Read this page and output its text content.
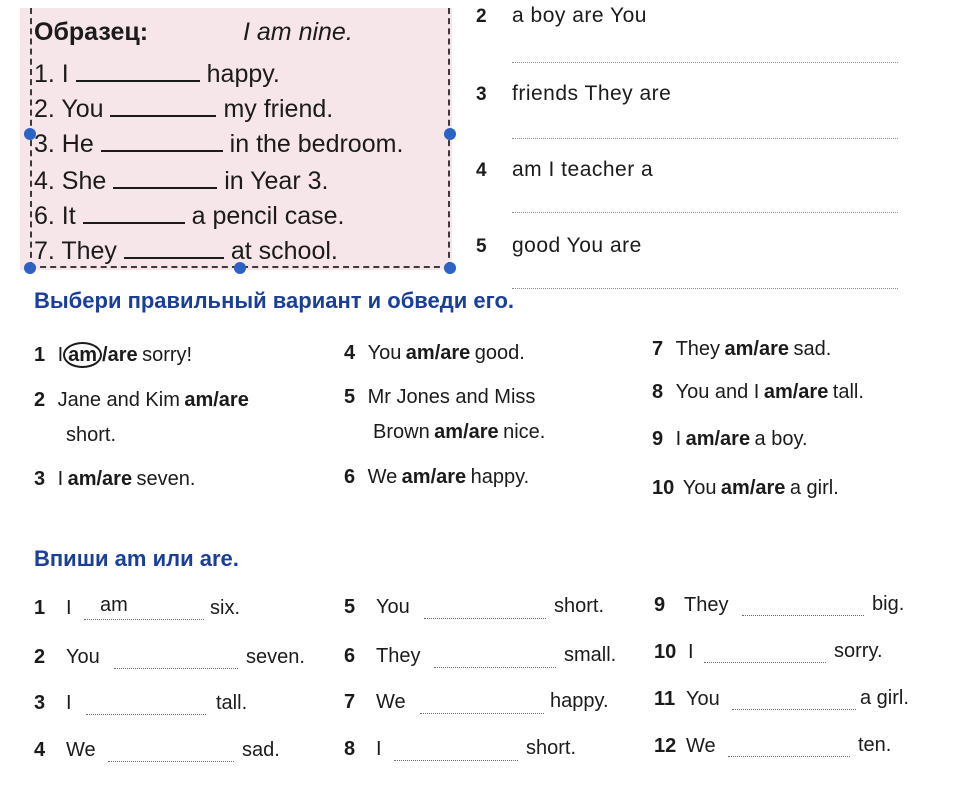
Образец:	I am nine.
1. I	happy.
2. You	my friend.
3. He	in the bedroom.
4. She	in Year 3.
6. It	a pencil case.
7. They	at school.
2 a boy are You
3 friends They are
4 am I teacher a
5 good You are
Выбери правильный вариант и обведи его.
1 I am /are sorry!
2 Jane and Kim am/are
short.
3 I am/are seven.
4 You am/are good.
5 Mr Jones and Miss
Brown am/are nice.
6 We am/are happy.
7 They am/are sad.
8 You and I am/are tall.
9 I am/are a boy.
10 You am/are a girl.
Впиши am или are.
1 I am	six.
2 You	seven.
3 I	tall.
4 We	sad.
5 You	short.
6 They	small.
7 We	happy.
8 I	short.
9 They	big.
10 I	sorry.
11 You	a girl.
12 We	ten.
